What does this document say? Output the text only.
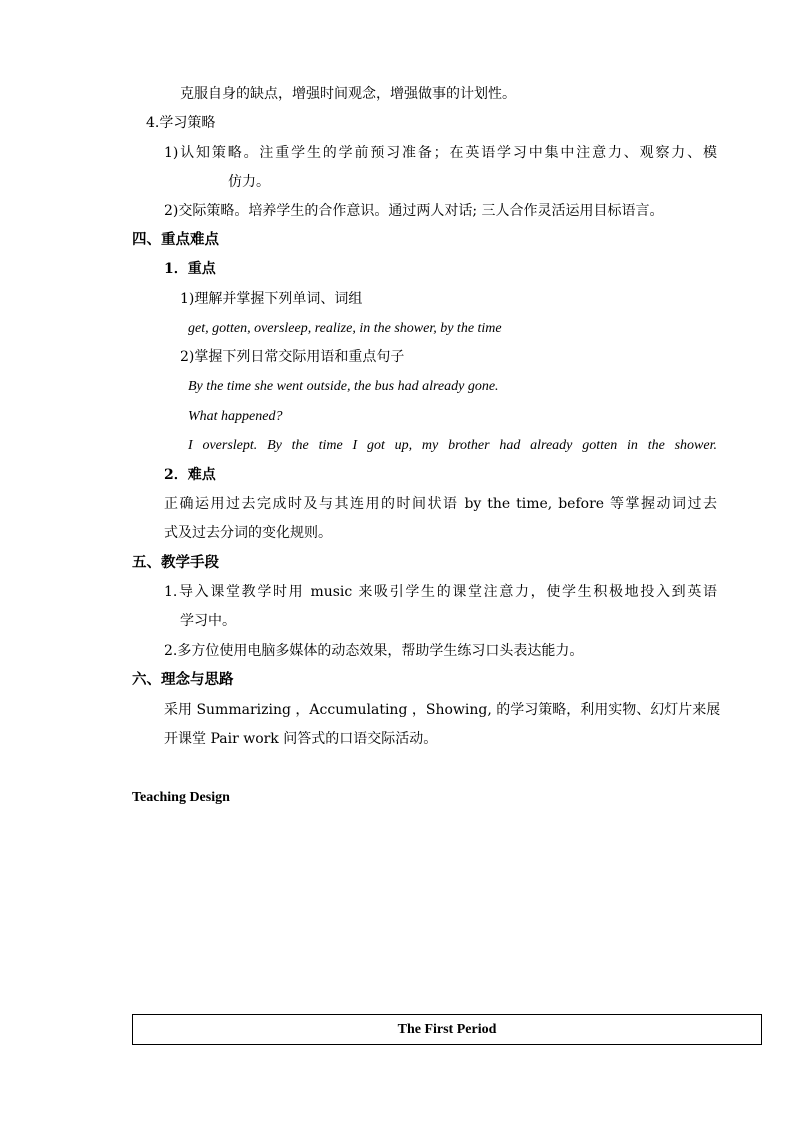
克服自身的缺点，增强时间观念，增强做事的计划性。
4.学习策略
1)认知策略。注重学生的学前预习准备；在英语学习中集中注意力、观察力、模
仿力。
2)交际策略。培养学生的合作意识。通过两人对话; 三人合作灵活运用目标语言。
四、重点难点
1．重点
1)理解并掌握下列单词、词组
get, gotten, oversleep, realize, in the shower, by the time
2)掌握下列日常交际用语和重点句子
By the time she went outside, the bus had already gone.
What happened?
I overslept. By the time I got up, my brother had already gotten in the shower.
2．难点
正确运用过去完成时及与其连用的时间状语 by the time, before 等掌握动词过去
式及过去分词的变化规则。
五、教学手段
1.导入课堂教学时用 music 来吸引学生的课堂注意力，使学生积极地投入到英语
学习中。
2.多方位使用电脑多媒体的动态效果，帮助学生练习口头表达能力。
六、理念与思路
采用 Summarizing ，Accumulating ，Showing, 的学习策略，利用实物、幻灯片来展
开课堂 Pair work 问答式的口语交际活动。
Teaching Design
The First Period
